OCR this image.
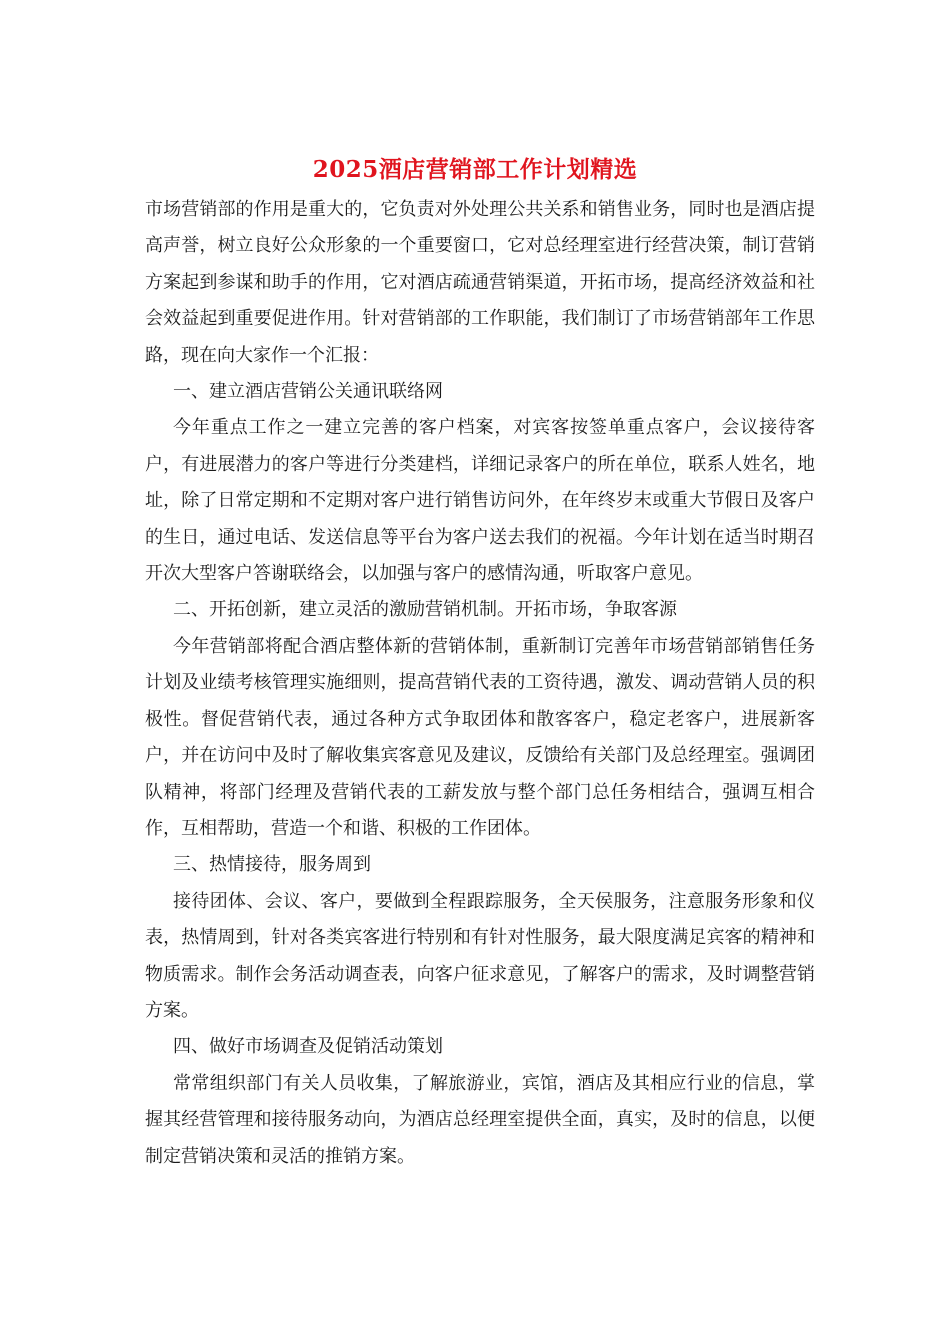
2025酒店营销部工作计划精选

市场营销部的作用是重大的，它负责对外处理公共关系和销售业务，同时也是酒店提高声誉，树立良好公众形象的一个重要窗口，它对总经理室进行经营决策，制订营销方案起到参谋和助手的作用，它对酒店疏通营销渠道，开拓市场，提高经济效益和社会效益起到重要促进作用。针对营销部的工作职能，我们制订了市场营销部年工作思路，现在向大家作一个汇报：

一、建立酒店营销公关通讯联络网

今年重点工作之一建立完善的客户档案，对宾客按签单重点客户，会议接待客户，有进展潜力的客户等进行分类建档，详细记录客户的所在单位，联系人姓名，地址，除了日常定期和不定期对客户进行销售访问外，在年终岁末或重大节假日及客户的生日，通过电话、发送信息等平台为客户送去我们的祝福。今年计划在适当时期召开次大型客户答谢联络会，以加强与客户的感情沟通，听取客户意见。

二、开拓创新，建立灵活的激励营销机制。开拓市场，争取客源

今年营销部将配合酒店整体新的营销体制，重新制订完善年市场营销部销售任务计划及业绩考核管理实施细则，提高营销代表的工资待遇，激发、调动营销人员的积极性。督促营销代表，通过各种方式争取团体和散客客户，稳定老客户，进展新客户，并在访问中及时了解收集宾客意见及建议，反馈给有关部门及总经理室。强调团队精神，将部门经理及营销代表的工薪发放与整个部门总任务相结合，强调互相合作，互相帮助，营造一个和谐、积极的工作团体。

三、热情接待，服务周到

接待团体、会议、客户，要做到全程跟踪服务，全天侯服务，注意服务形象和仪表，热情周到，针对各类宾客进行特别和有针对性服务，最大限度满足宾客的精神和物质需求。制作会务活动调查表，向客户征求意见，了解客户的需求，及时调整营销方案。

四、做好市场调查及促销活动策划

常常组织部门有关人员收集，了解旅游业，宾馆，酒店及其相应行业的信息，掌握其经营管理和接待服务动向，为酒店总经理室提供全面，真实，及时的信息，以便制定营销决策和灵活的推销方案。
